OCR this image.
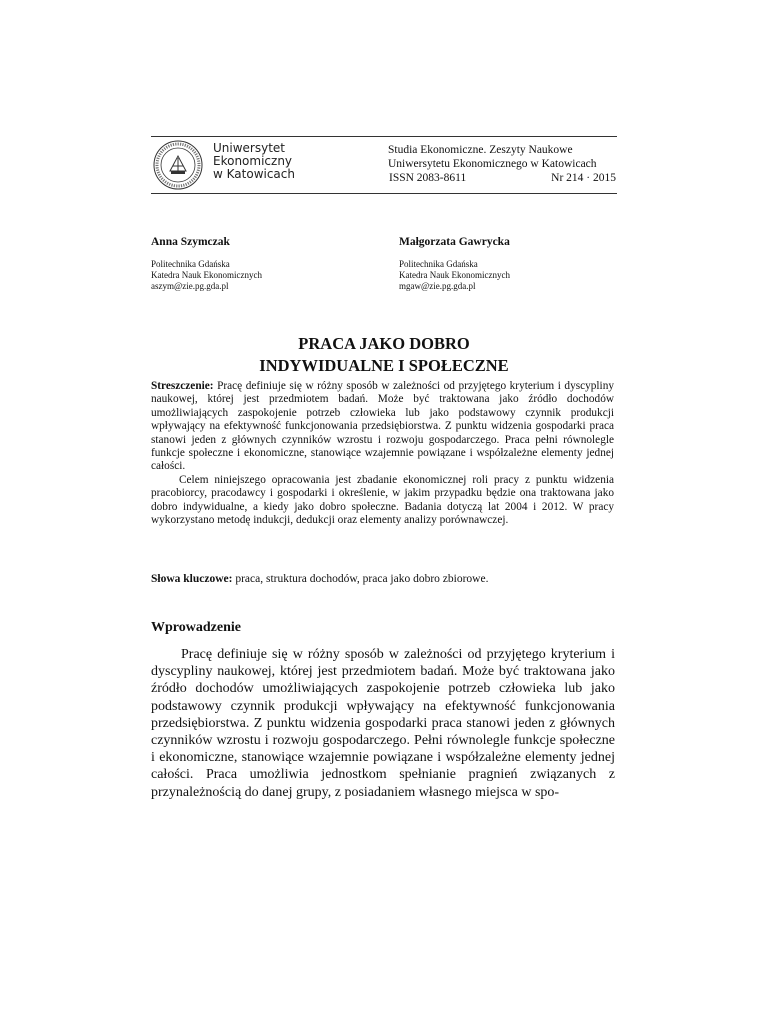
Uniwersytet
Ekonomiczny
w Katowicach
Studia Ekonomiczne. Zeszyty Naukowe
Uniwersytetu Ekonomicznego w Katowicach
ISSN 2083-8611	Nr 214 · 2015
Anna Szymczak
Politechnika Gdańska
Katedra Nauk Ekonomicznych
aszym@zie.pg.gda.pl
Małgorzata Gawrycka
Politechnika Gdańska
Katedra Nauk Ekonomicznych
mgaw@zie.pg.gda.pl
PRACA JAKO DOBRO
INDYWIDUALNE I SPOŁECZNE

Streszczenie: Pracę definiuje się w różny sposób w zależności od przyjętego kryterium i dyscypliny naukowej, której jest przedmiotem badań. Może być traktowana jako źródło dochodów umożliwiających zaspokojenie potrzeb człowieka lub jako podstawowy czynnik produkcji wpływający na efektywność funkcjonowania przedsiębiorstwa. Z punktu widzenia gospodarki praca stanowi jeden z głównych czynników wzrostu i rozwoju gospodarczego. Praca pełni równolegle funkcje społeczne i ekonomiczne, stanowiące wzajemnie powiązane i współzależne elementy jednej całości.

Celem niniejszego opracowania jest zbadanie ekonomicznej roli pracy z punktu widzenia pracobiorcy, pracodawcy i gospodarki i określenie, w jakim przypadku będzie ona traktowana jako dobro indywidualne, a kiedy jako dobro społeczne. Badania dotyczą lat 2004 i 2012. W pracy wykorzystano metodę indukcji, dedukcji oraz elementy analizy porównawczej.

Słowa kluczowe: praca, struktura dochodów, praca jako dobro zbiorowe.
Wprowadzenie

Pracę definiuje się w różny sposób w zależności od przyjętego kryterium i dyscypliny naukowej, której jest przedmiotem badań. Może być traktowana jako źródło dochodów umożliwiających zaspokojenie potrzeb człowieka lub jako podstawowy czynnik produkcji wpływający na efektywność funkcjonowania przedsiębiorstwa. Z punktu widzenia gospodarki praca stanowi jeden z głównych czynników wzrostu i rozwoju gospodarczego. Pełni równolegle funkcje społeczne i ekonomiczne, stanowiące wzajemnie powiązane i współzależne elementy jednej całości. Praca umożliwia jednostkom spełnianie pragnień związanych z przynależnością do danej grupy, z posiadaniem własnego miejsca w spo-
